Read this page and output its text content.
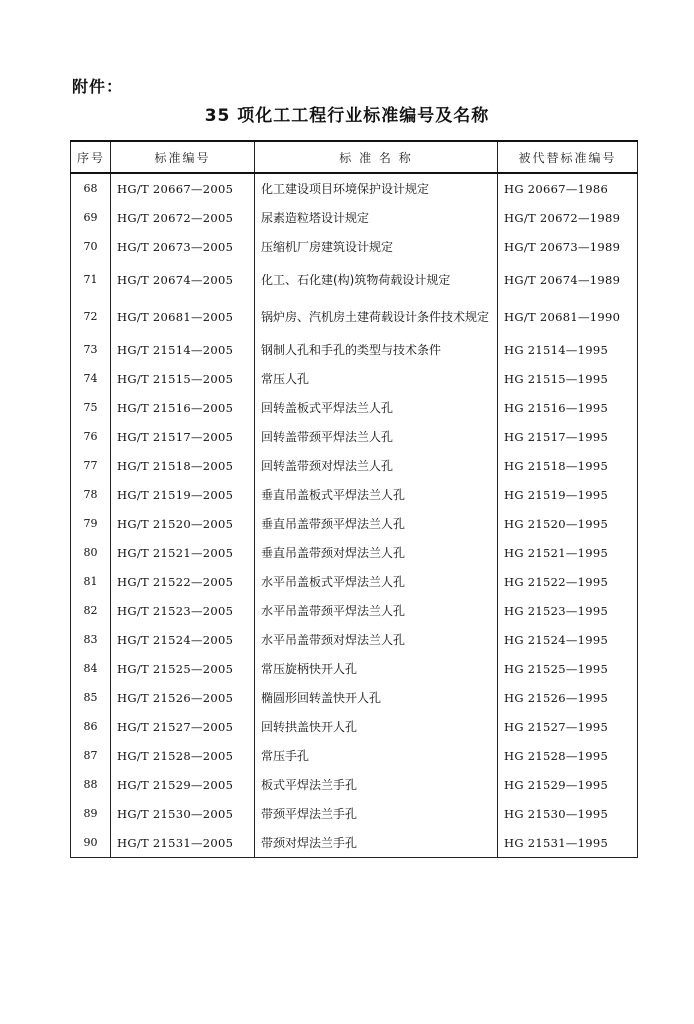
附件：
35 项化工工程行业标准编号及名称
序号	标准编号	标 准 名 称	被代替标准编号
68	HG/T 20667—2005	化工建设项目环境保护设计规定	HG 20667—1986
69	HG/T 20672—2005	尿素造粒塔设计规定	HG/T 20672—1989
70	HG/T 20673—2005	压缩机厂房建筑设计规定	HG/T 20673—1989
71	HG/T 20674—2005	化工、石化建(构)筑物荷载设计规定	HG/T 20674—1989
72	HG/T 20681—2005	锅炉房、汽机房土建荷载设计条件技术规定	HG/T 20681—1990
73	HG/T 21514—2005	钢制人孔和手孔的类型与技术条件	HG 21514—1995
74	HG/T 21515—2005	常压人孔	HG 21515—1995
75	HG/T 21516—2005	回转盖板式平焊法兰人孔	HG 21516—1995
76	HG/T 21517—2005	回转盖带颈平焊法兰人孔	HG 21517—1995
77	HG/T 21518—2005	回转盖带颈对焊法兰人孔	HG 21518—1995
78	HG/T 21519—2005	垂直吊盖板式平焊法兰人孔	HG 21519—1995
79	HG/T 21520—2005	垂直吊盖带颈平焊法兰人孔	HG 21520—1995
80	HG/T 21521—2005	垂直吊盖带颈对焊法兰人孔	HG 21521—1995
81	HG/T 21522—2005	水平吊盖板式平焊法兰人孔	HG 21522—1995
82	HG/T 21523—2005	水平吊盖带颈平焊法兰人孔	HG 21523—1995
83	HG/T 21524—2005	水平吊盖带颈对焊法兰人孔	HG 21524—1995
84	HG/T 21525—2005	常压旋柄快开人孔	HG 21525—1995
85	HG/T 21526—2005	椭圆形回转盖快开人孔	HG 21526—1995
86	HG/T 21527—2005	回转拱盖快开人孔	HG 21527—1995
87	HG/T 21528—2005	常压手孔	HG 21528—1995
88	HG/T 21529—2005	板式平焊法兰手孔	HG 21529—1995
89	HG/T 21530—2005	带颈平焊法兰手孔	HG 21530—1995
90	HG/T 21531—2005	带颈对焊法兰手孔	HG 21531—1995
